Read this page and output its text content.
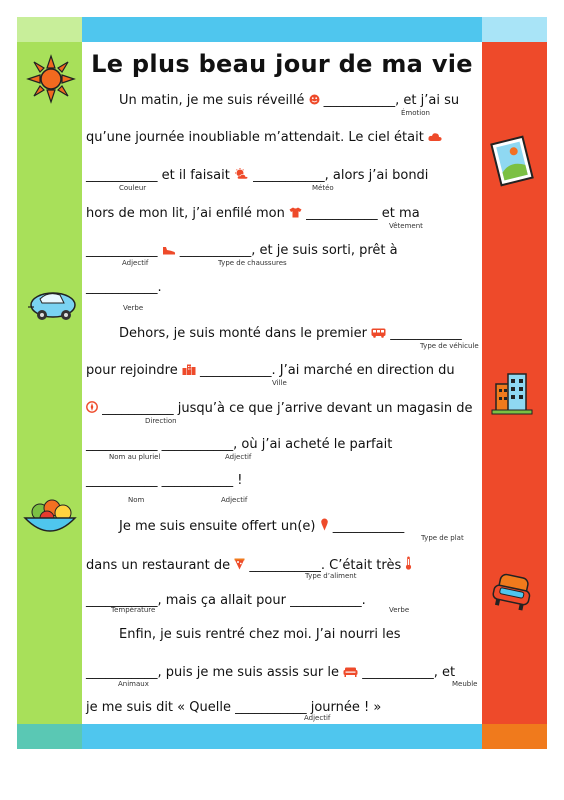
Le plus beau jour de ma vie
Un matin, je me suis réveillé ___________, et j’ai su
Émotion
qu’une journée inoubliable m’attendait. Le ciel était
___________ et il faisait ___________, alors j’ai bondi
Couleur	Météo
hors de mon lit, j’ai enfilé mon ___________ et ma
Vêtement
___________ ___________, et je suis sorti, prêt à
Adjectif	Type de chaussures
___________.
Verbe
Dehors, je suis monté dans le premier ___________
Type de véhicule
pour rejoindre ___________. J’ai marché en direction du
Ville
___________ jusqu’à ce que j’arrive devant un magasin de
Direction
___________ ___________, où j’ai acheté le parfait
Nom au pluriel	Adjectif
___________ ___________ !
Nom	Adjectif
Je me suis ensuite offert un(e) ___________
Type de plat
dans un restaurant de ___________. C’était très
Type d’aliment
___________, mais ça allait pour ___________.
Température	Verbe
Enfin, je suis rentré chez moi. J’ai nourri les
___________, puis je me suis assis sur le ___________, et
Animaux	Meuble
je me suis dit « Quelle ___________ journée ! »
Adjectif
